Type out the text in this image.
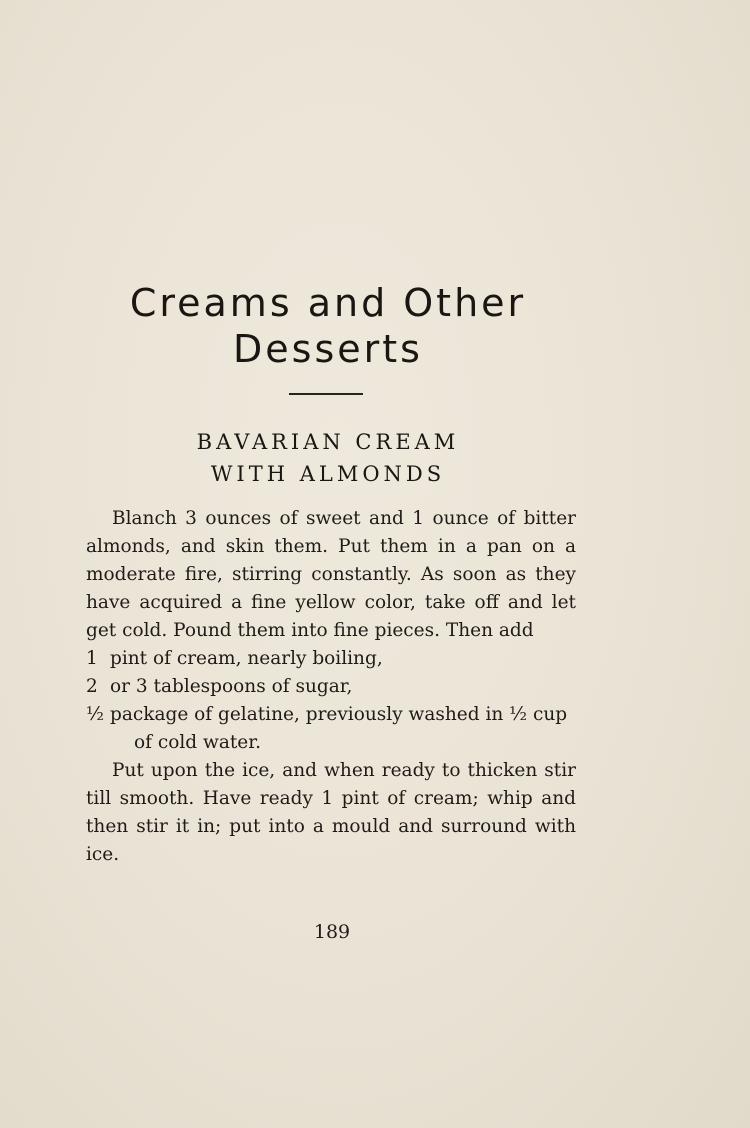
Creams and Other
Desserts
BAVARIAN CREAM
WITH ALMONDS

Blanch 3 ounces of sweet and 1 ounce of bitter almonds, and skin them. Put them in a pan on a moderate fire, stirring constantly. As soon as they have acquired a fine yellow color, take off and let get cold. Pound them into fine pieces. Then add

1 pint of cream, nearly boiling,
2 or 3 tablespoons of sugar,
½ package of gelatine, previously washed in ½ cup of cold water.

Put upon the ice, and when ready to thicken stir till smooth. Have ready 1 pint of cream; whip and then stir it in; put into a mould and surround with ice.

189
